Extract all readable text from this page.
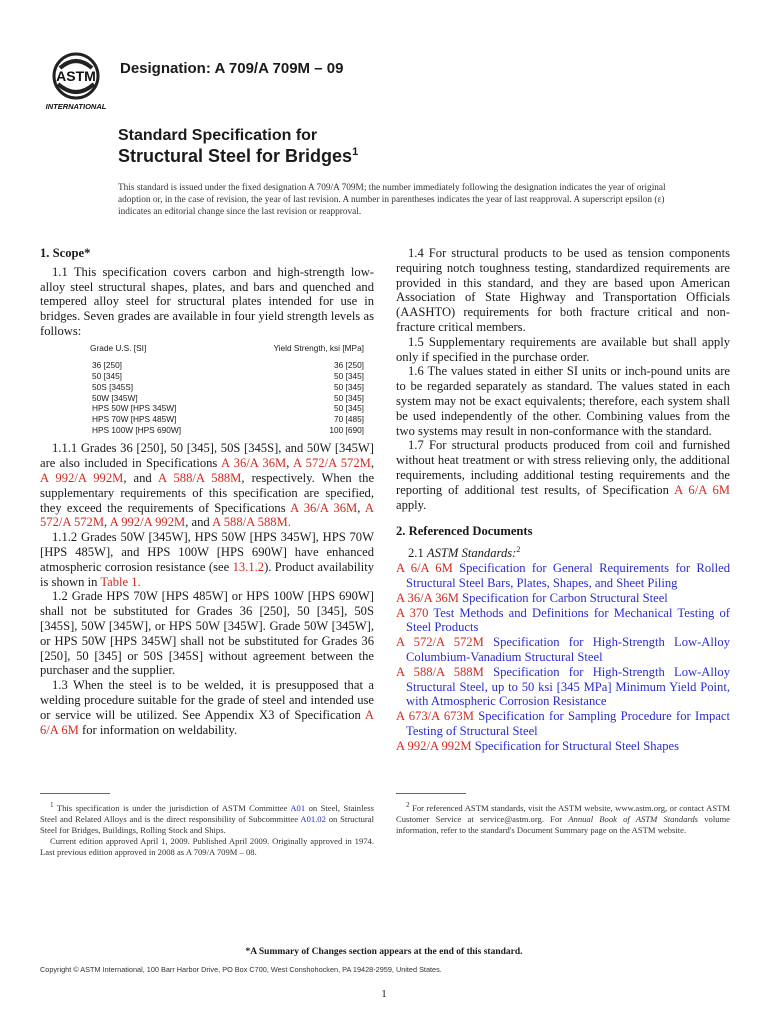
ASTM
INTERNATIONAL
Designation: A 709/A 709M – 09
Standard Specification for
Structural Steel for Bridges$^1$
This standard is issued under the fixed designation A 709/A 709M; the number immediately following the designation indicates the year of original adoption or, in the case of revision, the year of last revision. A number in parentheses indicates the year of last reapproval. A superscript epsilon (ε) indicates an editorial change since the last revision or reapproval.
1. Scope*

1.1 This specification covers carbon and high-strength low-alloy steel structural shapes, plates, and bars and quenched and tempered alloy steel for structural plates intended for use in bridges. Seven grades are available in four yield strength levels as follows:

Grade U.S. [SI]	Yield Strength, ksi [MPa]
36 [250]	36 [250]
50 [345]	50 [345]
50S [345S]	50 [345]
50W [345W]	50 [345]
HPS 50W [HPS 345W]	50 [345]
HPS 70W [HPS 485W]	70 [485]
HPS 100W [HPS 690W]	100 [690]

1.1.1 Grades 36 [250], 50 [345], 50S [345S], and 50W [345W] are also included in Specifications A 36/A 36M, A 572/A 572M, A 992/A 992M, and A 588/A 588M, respectively. When the supplementary requirements of this specification are specified, they exceed the requirements of Specifications A 36/A 36M, A 572/A 572M, A 992/A 992M, and A 588/A 588M.

1.1.2 Grades 50W [345W], HPS 50W [HPS 345W], HPS 70W [HPS 485W], and HPS 100W [HPS 690W] have enhanced atmospheric corrosion resistance (see 13.1.2). Product availability is shown in Table 1.

1.2 Grade HPS 70W [HPS 485W] or HPS 100W [HPS 690W] shall not be substituted for Grades 36 [250], 50 [345], 50S [345S], 50W [345W], or HPS 50W [345W]. Grade 50W [345W], or HPS 50W [HPS 345W] shall not be substituted for Grades 36 [250], 50 [345] or 50S [345S] without agreement between the purchaser and the supplier.

1.3 When the steel is to be welded, it is presupposed that a welding procedure suitable for the grade of steel and intended use or service will be utilized. See Appendix X3 of Specification A 6/A 6M for information on weldability.

1.4 For structural products to be used as tension components requiring notch toughness testing, standardized requirements are provided in this standard, and they are based upon American Association of State Highway and Transportation Officials (AASHTO) requirements for both fracture critical and non-fracture critical members.

1.5 Supplementary requirements are available but shall apply only if specified in the purchase order.

1.6 The values stated in either SI units or inch-pound units are to be regarded separately as standard. The values stated in each system may not be exact equivalents; therefore, each system shall be used independently of the other. Combining values from the two systems may result in non-conformance with the standard.

1.7 For structural products produced from coil and furnished without heat treatment or with stress relieving only, the additional requirements, including additional testing requirements and the reporting of additional test results, of Specification A 6/A 6M apply.

2. Referenced Documents

2.1 ASTM Standards:$^2$

A 6/A 6M Specification for General Requirements for Rolled Structural Steel Bars, Plates, Shapes, and Sheet Piling

A 36/A 36M Specification for Carbon Structural Steel

A 370 Test Methods and Definitions for Mechanical Testing of Steel Products

A 572/A 572M Specification for High-Strength Low-Alloy Columbium-Vanadium Structural Steel

A 588/A 588M Specification for High-Strength Low-Alloy Structural Steel, up to 50 ksi [345 MPa] Minimum Yield Point, with Atmospheric Corrosion Resistance

A 673/A 673M Specification for Sampling Procedure for Impact Testing of Structural Steel

A 992/A 992M Specification for Structural Steel Shapes

$^1$ This specification is under the jurisdiction of ASTM Committee A01 on Steel, Stainless Steel and Related Alloys and is the direct responsibility of Subcommittee A01.02 on Structural Steel for Bridges, Buildings, Rolling Stock and Ships.

Current edition approved April 1, 2009. Published April 2009. Originally approved in 1974. Last previous edition approved in 2008 as A 709/A 709M – 08.

$^2$ For referenced ASTM standards, visit the ASTM website, www.astm.org, or contact ASTM Customer Service at service@astm.org. For Annual Book of ASTM Standards volume information, refer to the standard's Document Summary page on the ASTM website.

*A Summary of Changes section appears at the end of this standard.
Copyright © ASTM International, 100 Barr Harbor Drive, PO Box C700, West Conshohocken, PA 19428-2959, United States.
1
